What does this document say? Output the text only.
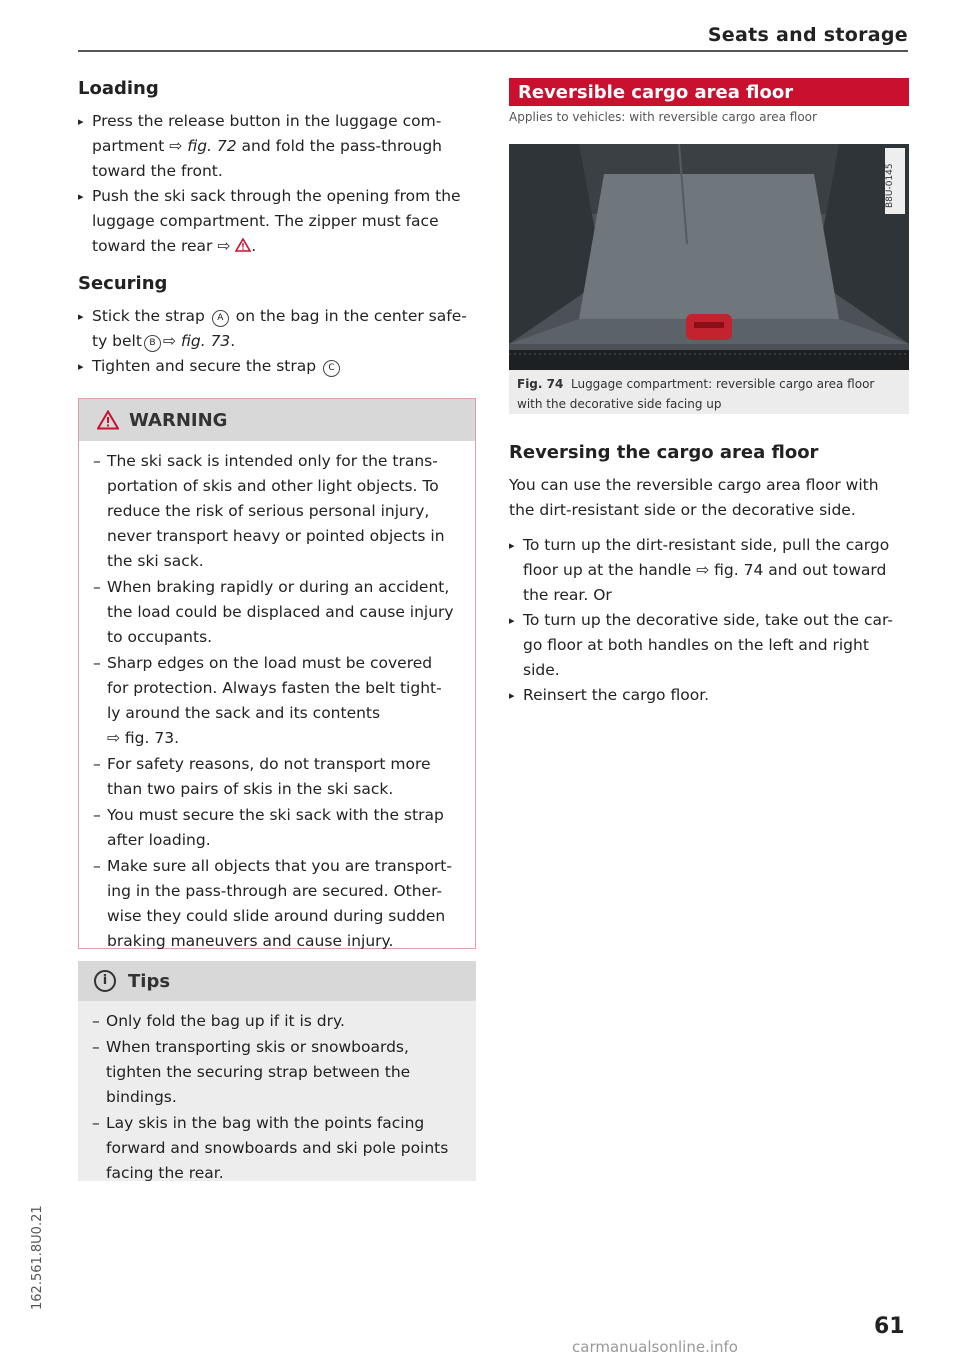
Seats and storage
Loading
▸ Press the release button in the luggage com-
partment ⇨ fig. 72 and fold the pass-through
toward the front.
▸ Push the ski sack through the opening from the
luggage compartment. The zipper must face
toward the rear ⇨ .
Securing
▸ Stick the strap A on the bag in the center safe-
ty belt B ⇨ fig. 73.
▸ Tighten and secure the strap C
WARNING
– The ski sack is intended only for the trans-
portation of skis and other light objects. To
reduce the risk of serious personal injury,
never transport heavy or pointed objects in
the ski sack.
– When braking rapidly or during an accident,
the load could be displaced and cause injury
to occupants.
– Sharp edges on the load must be covered
for protection. Always fasten the belt tight-
ly around the sack and its contents
⇨ fig. 73.
– For safety reasons, do not transport more
than two pairs of skis in the ski sack.
– You must secure the ski sack with the strap
after loading.
– Make sure all objects that you are transport-
ing in the pass-through are secured. Other-
wise they could slide around during sudden
braking maneuvers and cause injury.
i	Tips
– Only fold the bag up if it is dry.
– When transporting skis or snowboards,
tighten the securing strap between the
bindings.
– Lay skis in the bag with the points facing
forward and snowboards and ski pole points
facing the rear.
Reversible cargo area floor
Applies to vehicles: with reversible cargo area floor
B8U-0145
Fig. 74 Luggage compartment: reversible cargo area floor
with the decorative side facing up
Reversing the cargo area floor
You can use the reversible cargo area floor with
the dirt-resistant side or the decorative side.
▸ To turn up the dirt-resistant side, pull the cargo
floor up at the handle ⇨ fig. 74 and out toward
the rear. Or
▸ To turn up the decorative side, take out the car-
go floor at both handles on the left and right
side.
▸ Reinsert the cargo floor.
162.561.8U0.21
61
carmanualsonline.info
